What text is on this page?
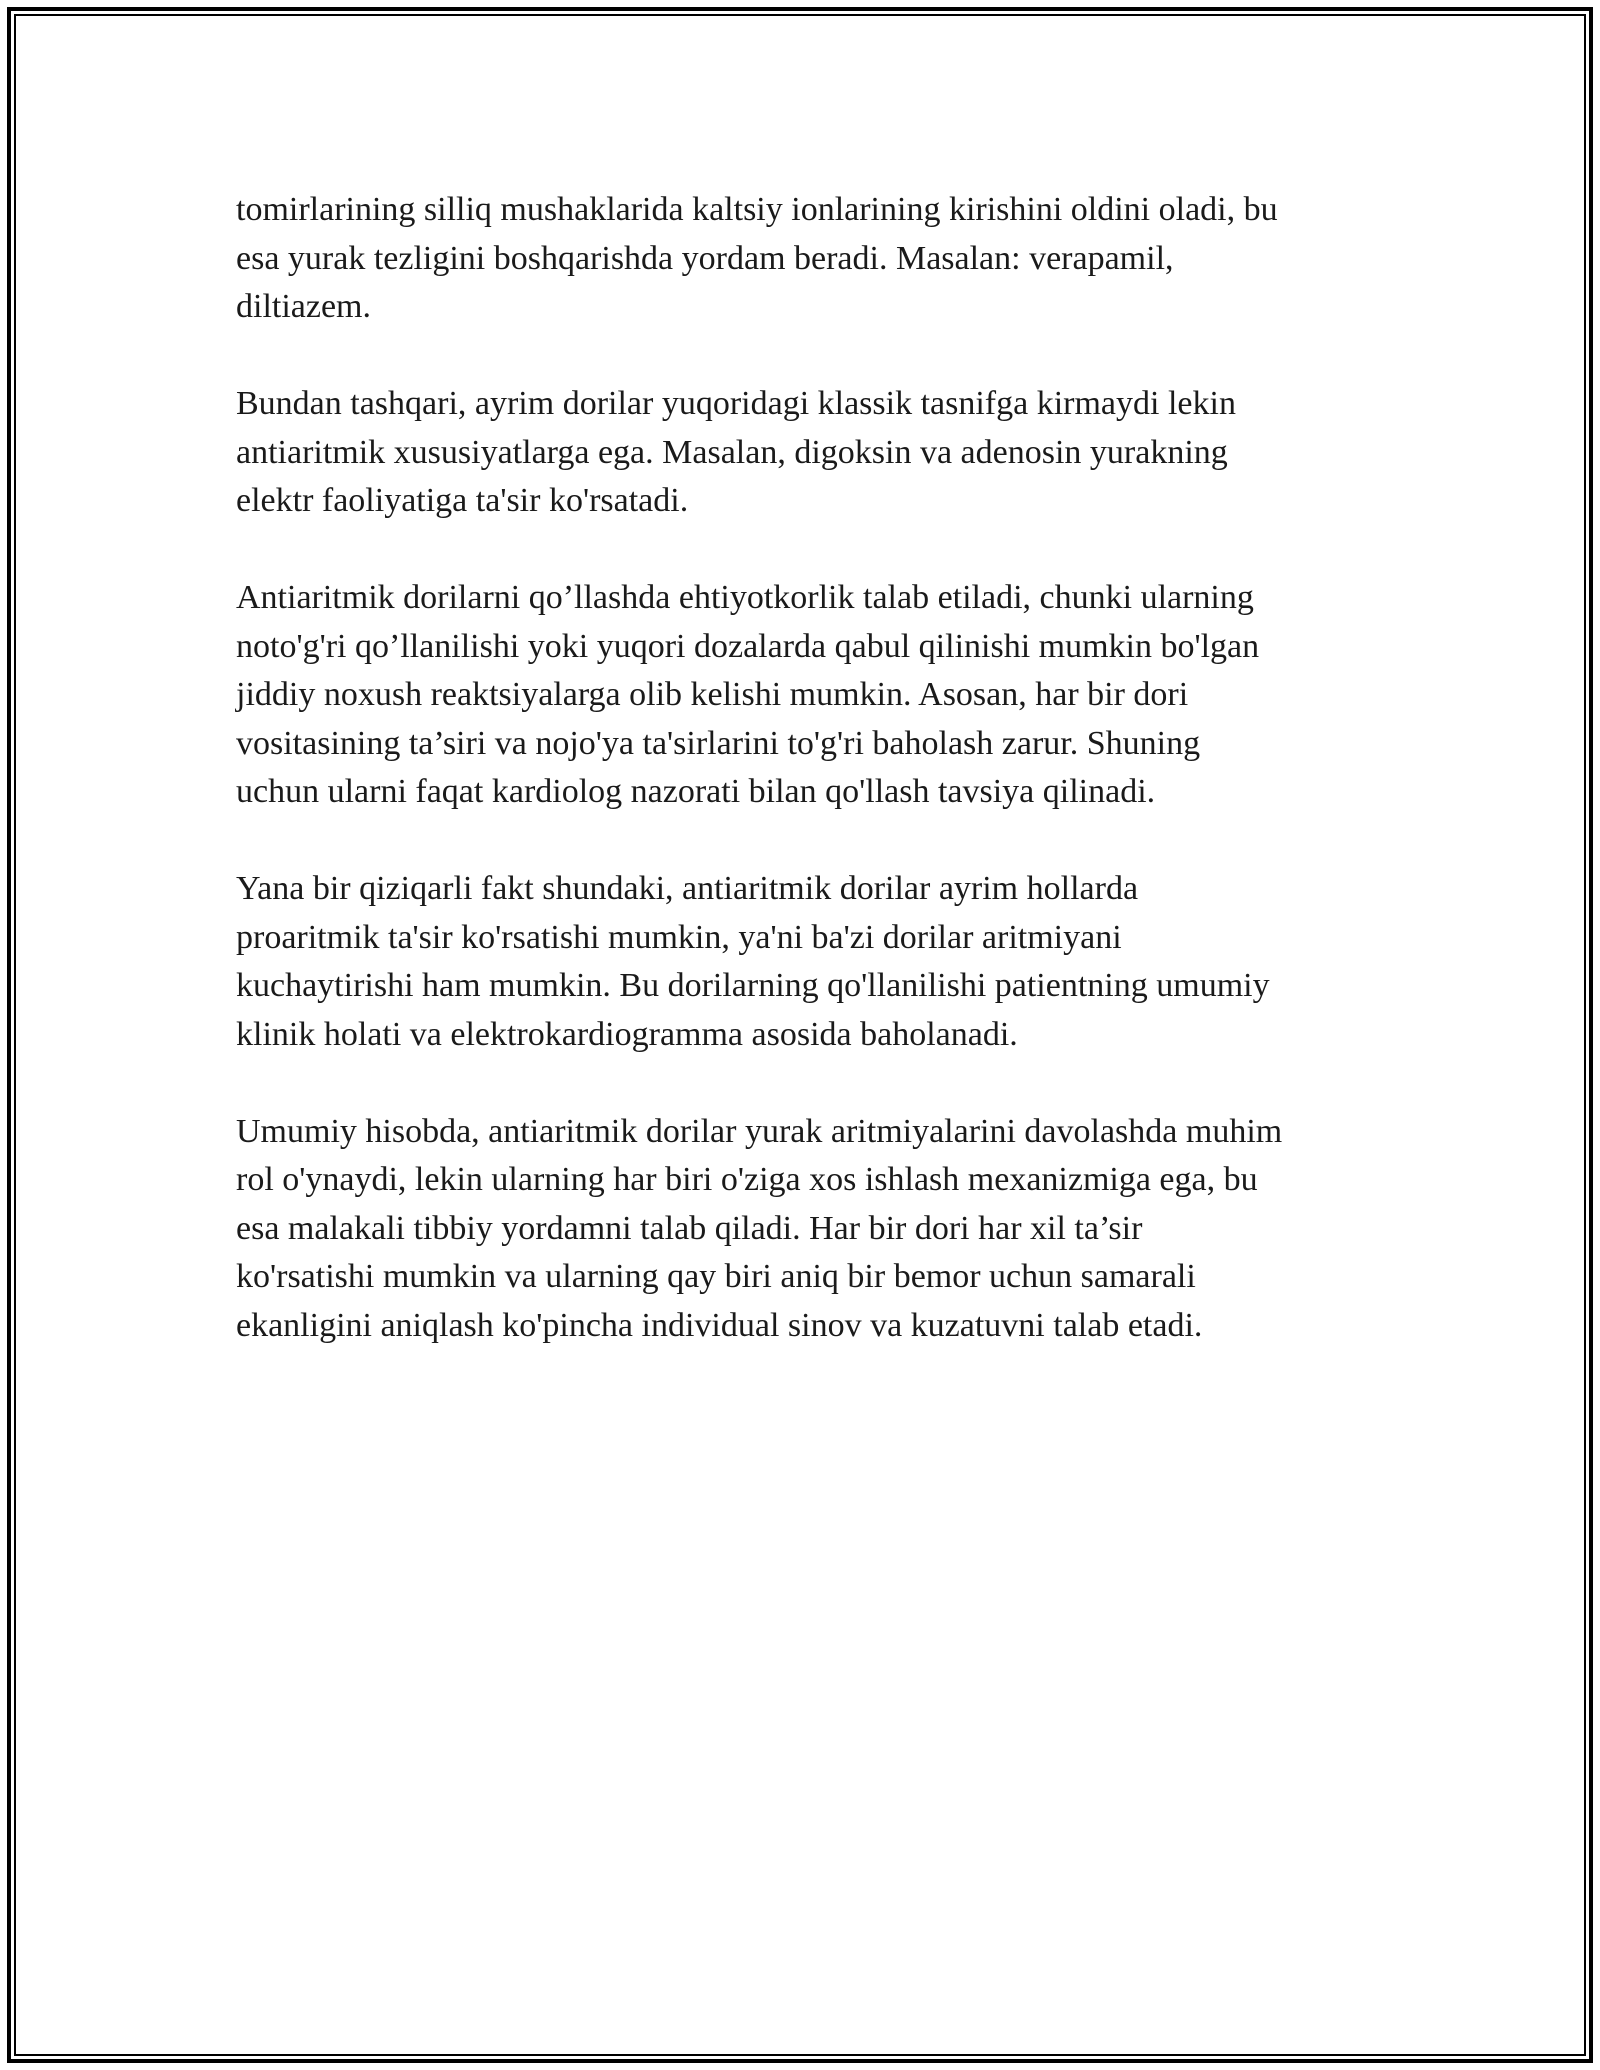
tomirlarining silliq mushaklarida kaltsiy ionlarining kirishini oldini oladi, bu
esa yurak tezligini boshqarishda yordam beradi. Masalan: verapamil,
diltiazem.

Bundan tashqari, ayrim dorilar yuqoridagi klassik tasnifga kirmaydi lekin
antiaritmik xususiyatlarga ega. Masalan, digoksin va adenosin yurakning
elektr faoliyatiga ta'sir ko'rsatadi.

Antiaritmik dorilarni qo’llashda ehtiyotkorlik talab etiladi, chunki ularning
noto'g'ri qo’llanilishi yoki yuqori dozalarda qabul qilinishi mumkin bo'lgan
jiddiy noxush reaktsiyalarga olib kelishi mumkin. Asosan, har bir dori
vositasining ta’siri va nojo'ya ta'sirlarini to'g'ri baholash zarur. Shuning
uchun ularni faqat kardiolog nazorati bilan qo'llash tavsiya qilinadi.

Yana bir qiziqarli fakt shundaki, antiaritmik dorilar ayrim hollarda
proaritmik ta'sir ko'rsatishi mumkin, ya'ni ba'zi dorilar aritmiyani
kuchaytirishi ham mumkin. Bu dorilarning qo'llanilishi patientning umumiy
klinik holati va elektrokardiogramma asosida baholanadi.

Umumiy hisobda, antiaritmik dorilar yurak aritmiyalarini davolashda muhim
rol o'ynaydi, lekin ularning har biri o'ziga xos ishlash mexanizmiga ega, bu
esa malakali tibbiy yordamni talab qiladi. Har bir dori har xil ta’sir
ko'rsatishi mumkin va ularning qay biri aniq bir bemor uchun samarali
ekanligini aniqlash ko'pincha individual sinov va kuzatuvni talab etadi.
